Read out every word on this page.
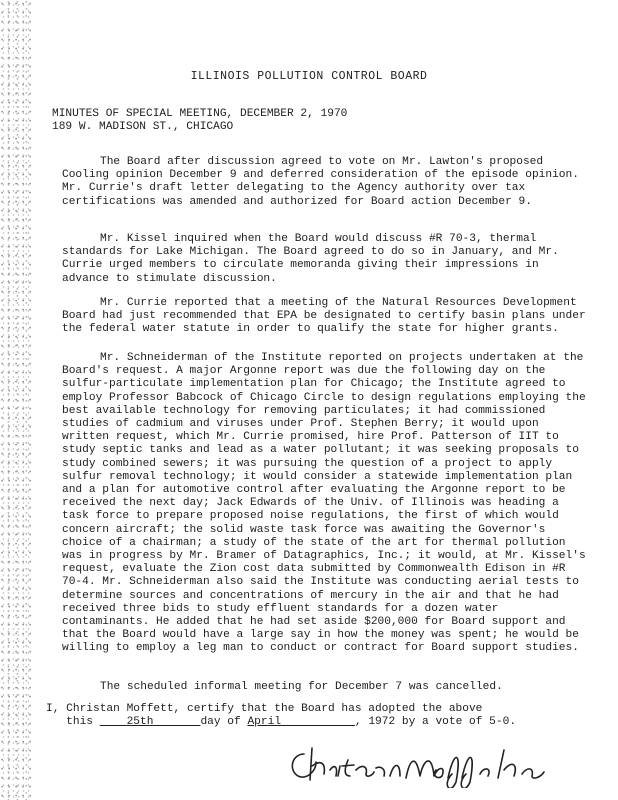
ILLINOIS POLLUTION CONTROL BOARD
MINUTES OF SPECIAL MEETING, DECEMBER 2, 1970
189 W. MADISON ST., CHICAGO
The Board after discussion agreed to vote on Mr. Lawton's proposed Cooling opinion December 9 and deferred consideration of the episode opinion. Mr. Currie's draft letter delegating to the Agency authority over tax certifications was amended and authorized for Board action December 9.
Mr. Kissel inquired when the Board would discuss #R 70-3, thermal standards for Lake Michigan. The Board agreed to do so in January, and Mr. Currie urged members to circulate memoranda giving their impressions in advance to stimulate discussion.
Mr. Currie reported that a meeting of the Natural Resources Development Board had just recommended that EPA be designated to certify basin plans under the federal water statute in order to qualify the state for higher grants.
Mr. Schneiderman of the Institute reported on projects undertaken at the Board's request. A major Argonne report was due the following day on the sulfur-particulate implementation plan for Chicago; the Institute agreed to employ Professor Babcock of Chicago Circle to design regulations employing the best available technology for removing particulates; it had commissioned studies of cadmium and viruses under Prof. Stephen Berry; it would upon written request, which Mr. Currie promised, hire Prof. Patterson of IIT to study septic tanks and lead as a water pollutant; it was seeking proposals to study combined sewers; it was pursuing the question of a project to apply sulfur removal technology; it would consider a statewide implementation plan and a plan for automotive control after evaluating the Argonne report to be received the next day; Jack Edwards of the Univ. of Illinois was heading a task force to prepare proposed noise regulations, the first of which would concern aircraft; the solid waste task force was awaiting the Governor's choice of a chairman; a study of the state of the art for thermal pollution was in progress by Mr. Bramer of Datagraphics, Inc.; it would, at Mr. Kissel's request, evaluate the Zion cost data submitted by Commonwealth Edison in #R 70-4. Mr. Schneiderman also said the Institute was conducting aerial tests to determine sources and concentrations of mercury in the air and that he had received three bids to study effluent standards for a dozen water contaminants. He added that he had set aside $200,000 for Board support and that the Board would have a large say in how the money was spent; he would be willing to employ a leg man to conduct or contract for Board support studies.
The scheduled informal meeting for December 7 was cancelled.
I, Christan Moffett, certify that the Board has adopted the above
this	25th	day of April	, 1972 by a vote of 5-0.
